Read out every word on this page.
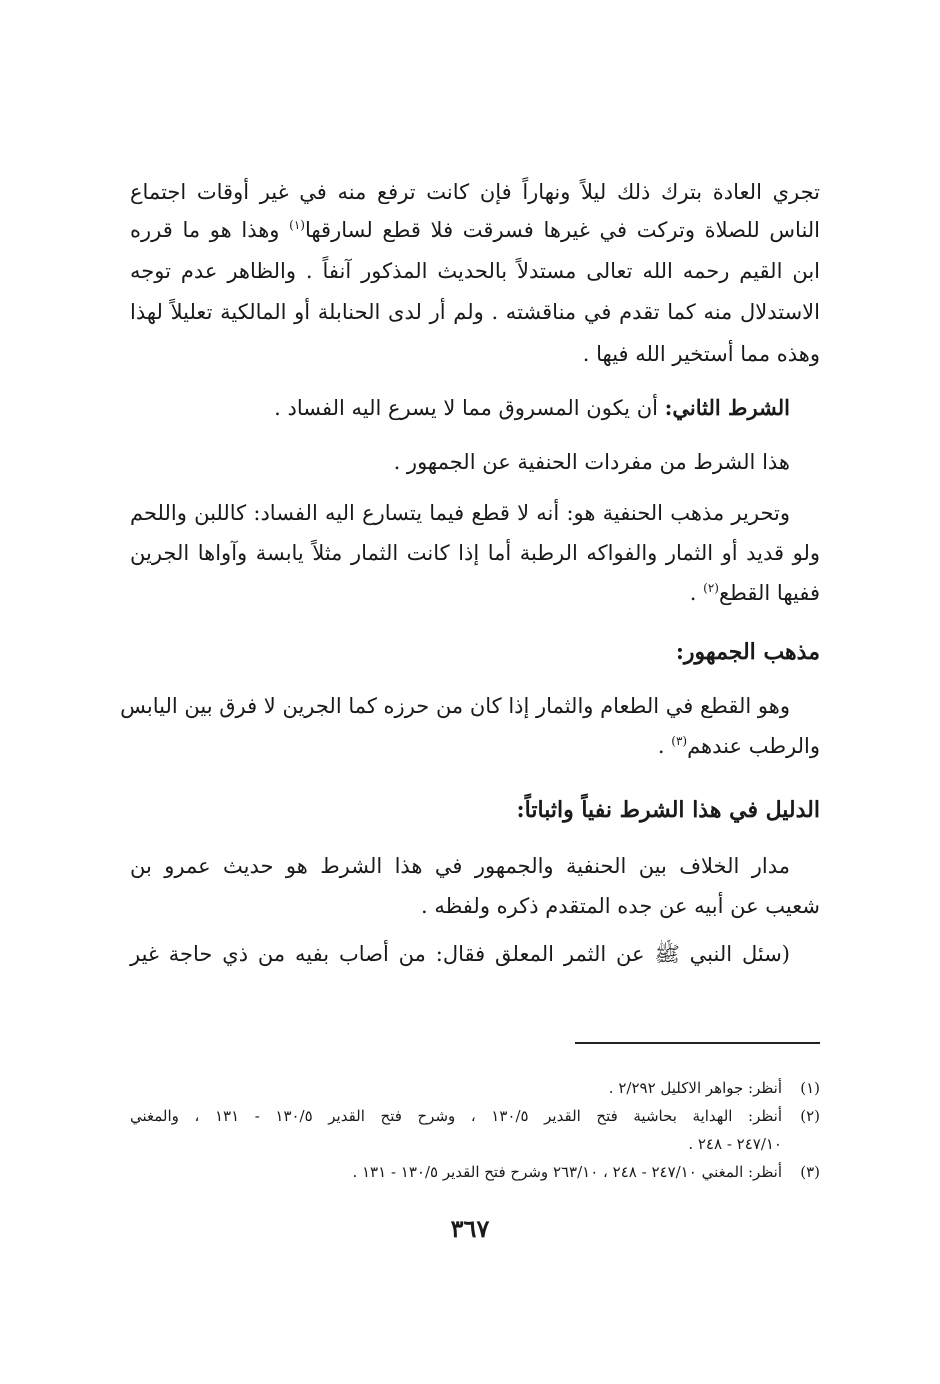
تجري العادة بترك ذلك ليلاً ونهاراً فإن كانت ترفع منه في غير أوقات اجتماع
الناس للصلاة وتركت في غيرها فسرقت فلا قطع لسارقها$^{(١)}$ وهذا هو ما قرره
ابن القيم رحمه الله تعالى مستدلاً بالحديث المذكور آنفاً . والظاهر عدم توجه
الاستدلال منه كما تقدم في مناقشته . ولم أر لدى الحنابلة أو المالكية تعليلاً لهذا
وهذه مما أستخير الله فيها .
الشرط الثاني: أن يكون المسروق مما لا يسرع اليه الفساد .
هذا الشرط من مفردات الحنفية عن الجمهور .
وتحرير مذهب الحنفية هو: أنه لا قطع فيما يتسارع اليه الفساد: كاللبن واللحم
ولو قديد أو الثمار والفواكه الرطبة أما إذا كانت الثمار مثلاً يابسة وآواها الجرين
ففيها القطع$^{(٢)}$ .
مذهب الجمهور:
وهو القطع في الطعام والثمار إذا كان من حرزه كما الجرين لا فرق بين اليابس
والرطب عندهم$^{(٣)}$ .
الدليل في هذا الشرط نفياً واثباتاً:
مدار الخلاف بين الحنفية والجمهور في هذا الشرط هو حديث عمرو بن
شعيب عن أبيه عن جده المتقدم ذكره ولفظه .
(سئل النبي ﷺ عن الثمر المعلق فقال: من أصاب بفيه من ذي حاجة غير
(١)أنظر: جواهر الاكليل ٢/٢٩٢ .
(٢)أنظر: الهداية بحاشية فتح القدير ١٣٠/٥ ، وشرح فتح القدير ١٣٠/٥ - ١٣١ ، والمغني
٢٤٧/١٠ - ٢٤٨ .
(٣)أنظر: المغني ٢٤٧/١٠ - ٢٤٨ ، ٢٦٣/١٠ وشرح فتح القدير ١٣٠/٥ - ١٣١ .
٣٦٧
